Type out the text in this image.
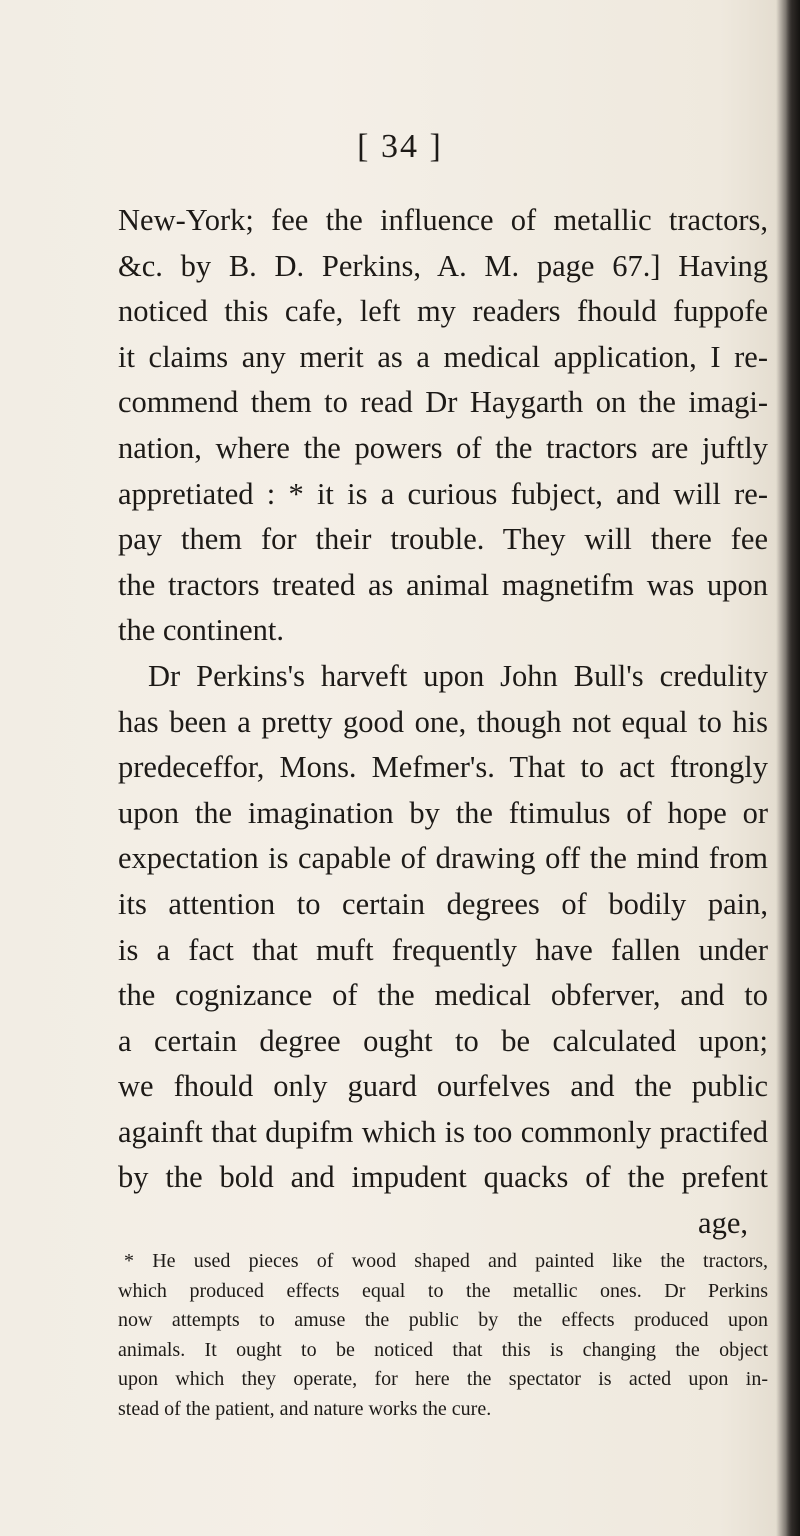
[ 34 ]
New-York; fee the influence of metallic tractors,
&c. by B. D. Perkins, A. M. page 67.] Having
noticed this cafe, left my readers fhould fuppofe
it claims any merit as a medical application, I re-
commend them to read Dr Haygarth on the imagi-
nation, where the powers of the tractors are juftly
appretiated : * it is a curious fubject, and will re-
pay them for their trouble. They will there fee
the tractors treated as animal magnetifm was upon
the continent.
Dr Perkins's harveft upon John Bull's credulity
has been a pretty good one, though not equal to his
predeceffor, Mons. Mefmer's. That to act ftrongly
upon the imagination by the ftimulus of hope or
expectation is capable of drawing off the mind from
its attention to certain degrees of bodily pain,
is a fact that muft frequently have fallen under
the cognizance of the medical obferver, and to
a certain degree ought to be calculated upon;
we fhould only guard ourfelves and the public
againft that dupifm which is too commonly practifed
by the bold and impudent quacks of the prefent
age,
* He used pieces of wood shaped and painted like the tractors,
which produced effects equal to the metallic ones. Dr Perkins
now attempts to amuse the public by the effects produced upon
animals. It ought to be noticed that this is changing the object
upon which they operate, for here the spectator is acted upon in-
stead of the patient, and nature works the cure.
